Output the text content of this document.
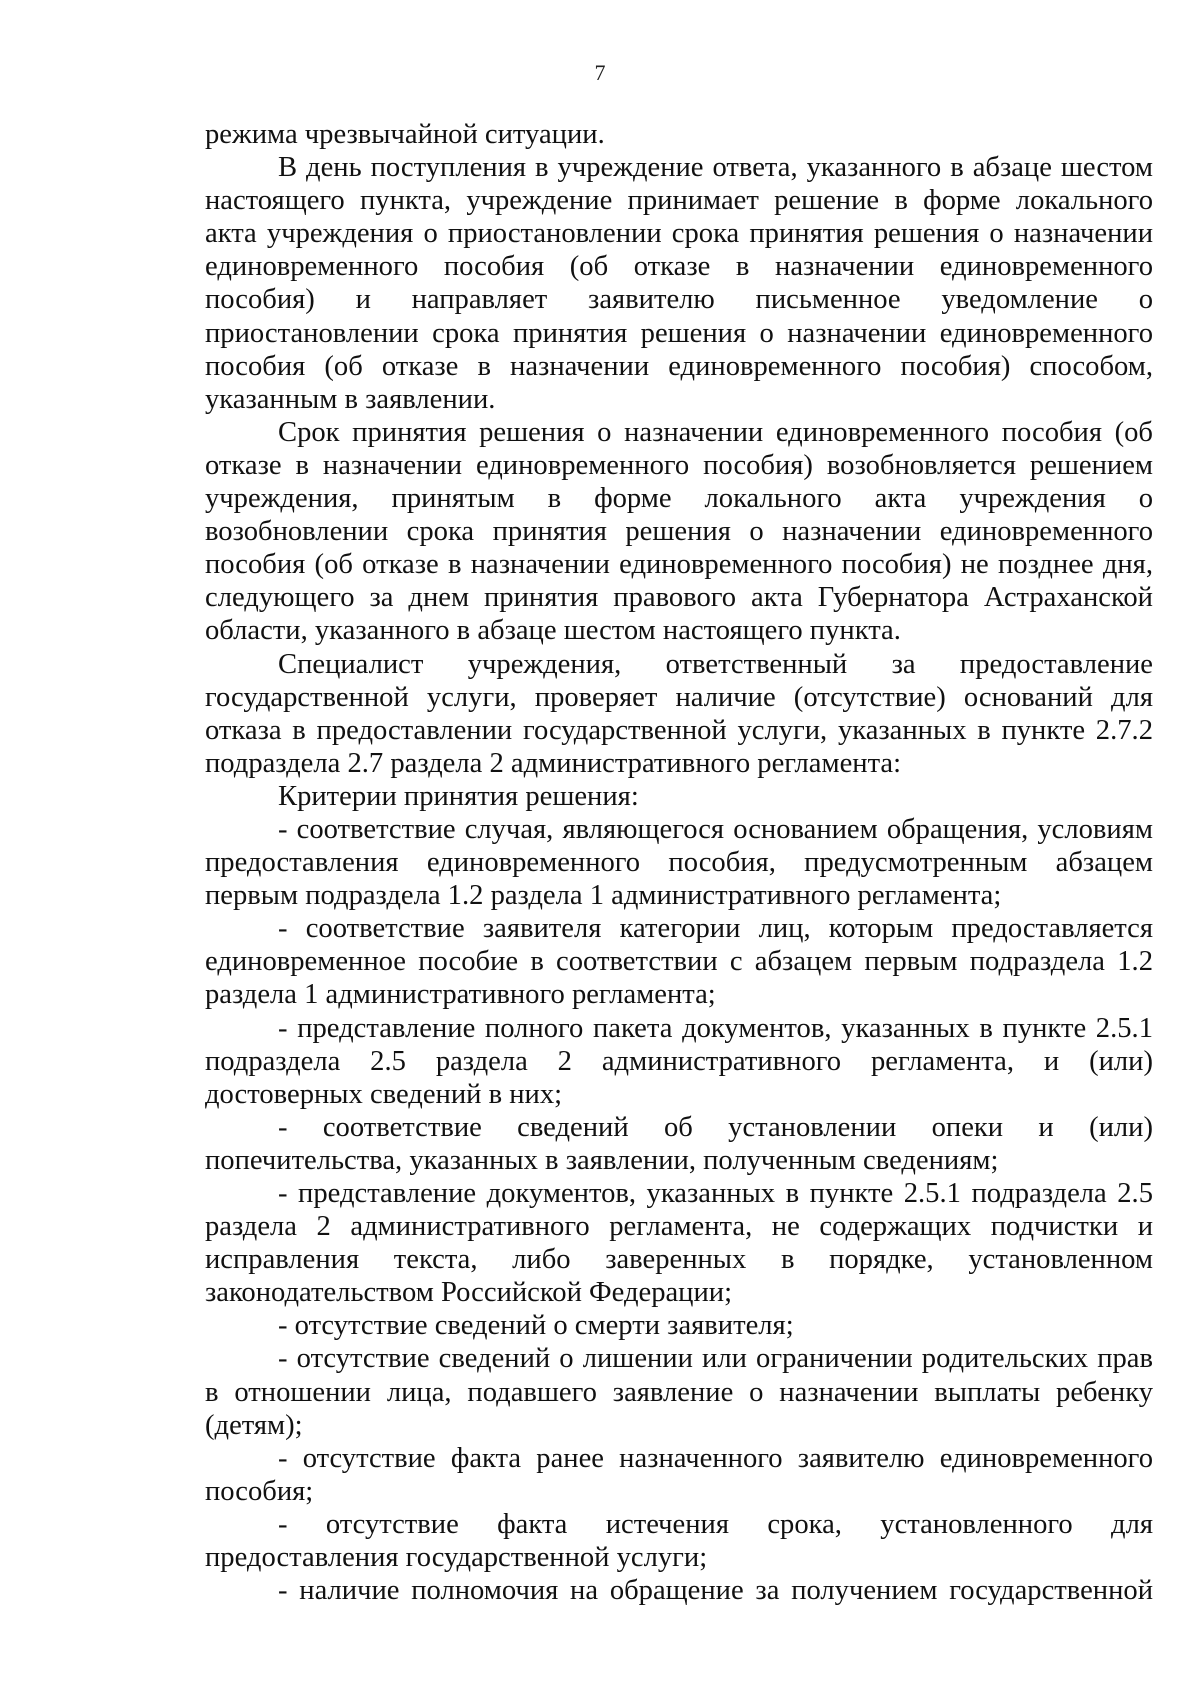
7

режима чрезвычайной ситуации.

В день поступления в учреждение ответа, указанного в абзаце шестом настоящего пункта, учреждение принимает решение в форме локального акта учреждения о приостановлении срока принятия решения о назначении единовременного пособия (об отказе в назначении единовременного пособия) и направляет заявителю письменное уведомление о приостановлении срока принятия решения о назначении единовременного пособия (об отказе в назначении единовременного пособия) способом, указанным в заявлении.

Срок принятия решения о назначении единовременного пособия (об отказе в назначении единовременного пособия) возобновляется решением учреждения, принятым в форме локального акта учреждения о возобновлении срока принятия решения о назначении единовременного пособия (об отказе в назначении единовременного пособия) не позднее дня, следующего за днем принятия правового акта Губернатора Астраханской области, указанного в абзаце шестом настоящего пункта.

Специалист учреждения, ответственный за предоставление государственной услуги, проверяет наличие (отсутствие) оснований для отказа в предоставлении государственной услуги, указанных в пункте 2.7.2 подраздела 2.7 раздела 2 административного регламента:

Критерии принятия решения:

- соответствие случая, являющегося основанием обращения, условиям предоставления единовременного пособия, предусмотренным абзацем первым подраздела 1.2 раздела 1 административного регламента;

- соответствие заявителя категории лиц, которым предоставляется единовременное пособие в соответствии с абзацем первым подраздела 1.2 раздела 1 административного регламента;

- представление полного пакета документов, указанных в пункте 2.5.1 подраздела 2.5 раздела 2 административного регламента, и (или) достоверных сведений в них;

- соответствие сведений об установлении опеки и (или) попечительства, указанных в заявлении, полученным сведениям;

- представление документов, указанных в пункте 2.5.1 подраздела 2.5 раздела 2 административного регламента, не содержащих подчистки и исправления текста, либо заверенных в порядке, установленном законодательством Российской Федерации;

- отсутствие сведений о смерти заявителя;

- отсутствие сведений о лишении или ограничении родительских прав в отношении лица, подавшего заявление о назначении выплаты ребенку (детям);

- отсутствие факта ранее назначенного заявителю единовременного пособия;

- отсутствие факта истечения срока, установленного для предоставления государственной услуги;

- наличие полномочия на обращение за получением государственной
